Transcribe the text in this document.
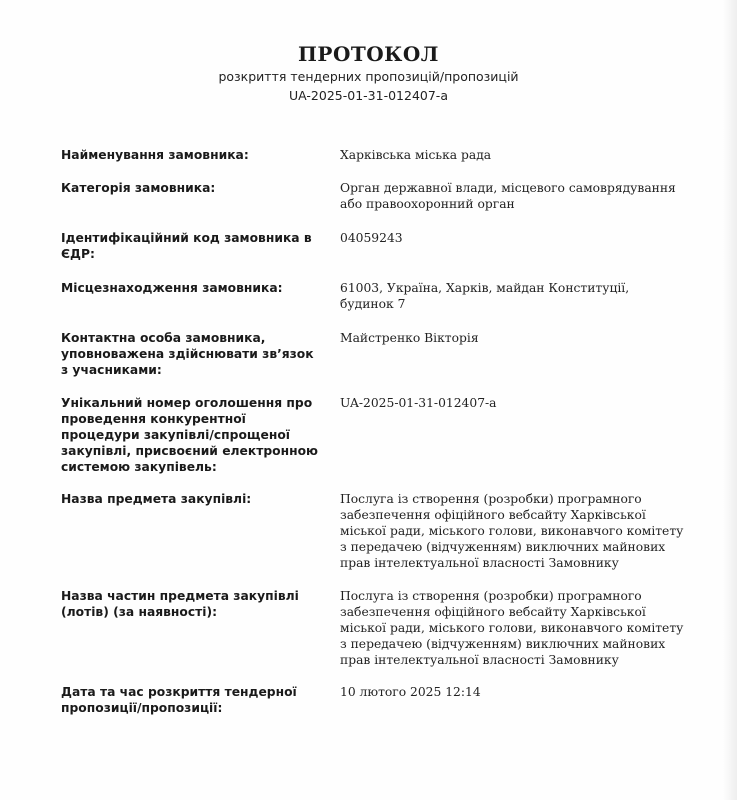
ПРОТОКОЛ
розкриття тендерних пропозицій/пропозицій
UA-2025-01-31-012407-a
Найменування замовника:	Харківська міська рада
Категорія замовника:	Орган державної влади, місцевого самоврядування або правоохоронний орган
Ідентифікаційний код замовника в ЄДР:
04059243
Місцезнаходження замовника:	61003, Україна, Харків, майдан Конституції, будинок 7
Контактна особа замовника, уповноважена здійснювати зв’язок з учасниками:
Майстренко Вікторія
Унікальний номер оголошення про проведення конкурентної процедури закупівлі/спрощеної закупівлі, присвоєний електронною системою закупівель:
UA-2025-01-31-012407-a
Назва предмета закупівлі:	Послуга із створення (розробки) програмного забезпечення офіційного вебсайту Харківської міської ради, міського голови, виконавчого комітету з передачею (відчуженням) виключних майнових прав інтелектуальної власності Замовнику
Назва частин предмета закупівлі (лотів) (за наявності):
Послуга із створення (розробки) програмного забезпечення офіційного вебсайту Харківської міської ради, міського голови, виконавчого комітету з передачею (відчуженням) виключних майнових прав інтелектуальної власності Замовнику
Дата та час розкриття тендерної пропозиції/пропозиції:
10 лютого 2025 12:14
